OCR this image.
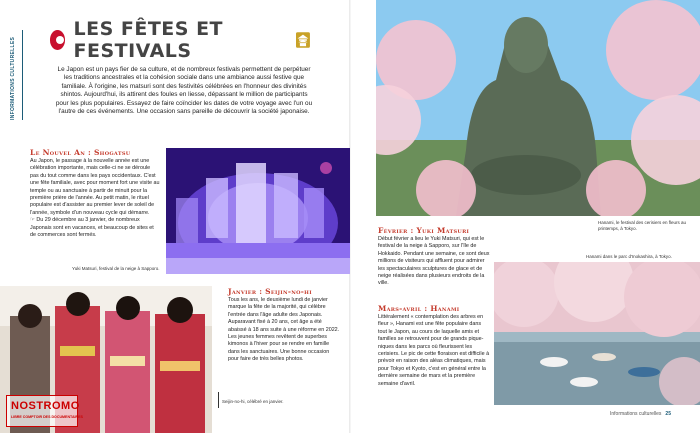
INFORMATIONS CULTURELLES
LES FÊTES ET FESTIVALS

Le Japon est un pays fier de sa culture, et de nombreux festivals permettent de perpétuer les traditions ancestrales et la cohésion sociale dans une ambiance aussi festive que familiale. À l'origine, les matsuri sont des festivités célébrées en l'honneur des divinités shintos. Aujourd'hui, ils attirent des foules en liesse, dépassant le million de participants pour les plus populaires. Essayez de faire coïncider les dates de votre voyage avec l'un ou l'autre de ces événements. Une occasion sans pareille de découvrir la société japonaise.

Le Nouvel An : Shogatsu

Au Japon, le passage à la nouvelle année est une célébration importante, mais celle-ci ne se déroule pas du tout comme dans les pays occidentaux. C'est une fête familiale, avec pour moment fort une visite au temple ou au sanctuaire à partir de minuit pour la première prière de l'année. Au petit matin, le rituel populaire est d'assister au premier lever de soleil de l'année, symbole d'un nouveau cycle qui démarre.

☞ Du 29 décembre au 3 janvier, de nombreux Japonais sont en vacances, et beaucoup de sites et de commerces sont fermés.

Yuki Matsuri, festival de la neige à Sapporo.
NOSTROMO
LIBRE COMPTOIR DES DOCUMENTAIRES
Janvier : Seijin-no-hi

Tous les ans, le deuxième lundi de janvier marque la fête de la majorité, qui célèbre l'entrée dans l'âge adulte des Japonais. Auparavant fixé à 20 ans, cet âge a été abaissé à 18 ans suite à une réforme en 2022. Les jeunes femmes revêtent de superbes kimonos à l'hiver pour se rendre en famille dans les sanctuaires. Une bonne occasion pour faire de très belles photos.

Seijin-no-hi, célébré en janvier.
Hanami, le festival des cerisiers en fleurs au printemps, à Tokyo.
Février : Yuki Matsuri

Début février a lieu le Yuki Matsuri, qui est le festival de la neige à Sapporo, sur l'île de Hokkaido. Pendant une semaine, ce sont deux millions de visiteurs qui affluent pour admirer les spectaculaires sculptures de glace et de neige réalisées dans plusieurs endroits de la ville.

Hanami dans le parc d'Inokashira, à Tokyo.
Mars-avril : Hanami

Littéralement « contemplation des arbres en fleur », Hanami est une fête populaire dans tout le Japon, au cours de laquelle amis et familles se retrouvent pour de grands pique-niques dans les parcs où fleurissent les cerisiers. Le pic de cette floraison est difficile à prévoir en raison des aléas climatiques, mais pour Tokyo et Kyoto, c'est en général entre la dernière semaine de mars et la première semaine d'avril.

Informations culturelles 25
